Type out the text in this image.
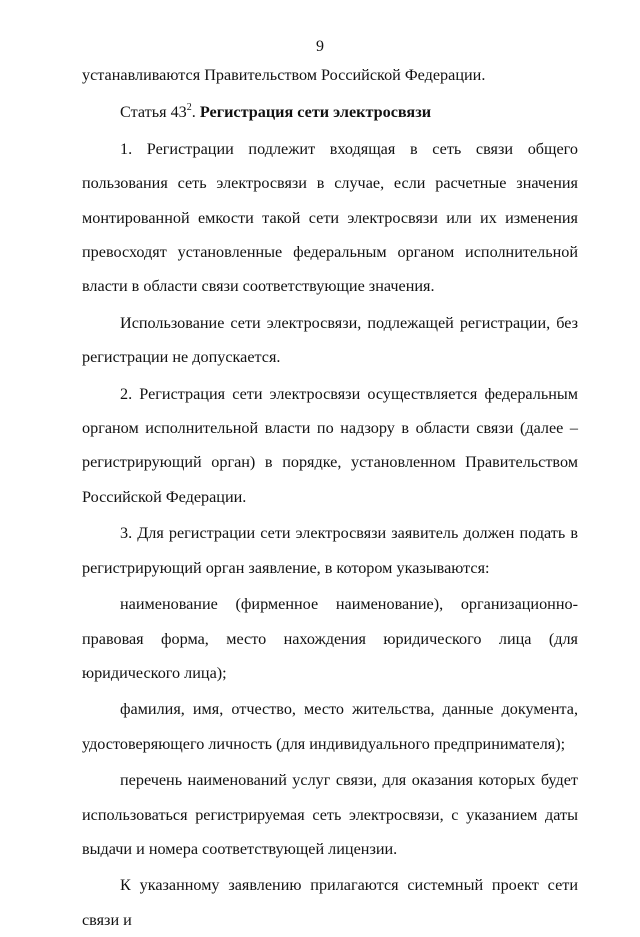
9

устанавливаются Правительством Российской Федерации.

Статья $43^2$. Регистрация сети электросвязи

1. Регистрации подлежит входящая в сеть связи общего пользования сеть электросвязи в случае, если расчетные значения монтированной емкости такой сети электросвязи или их изменения превосходят установленные федеральным органом исполнительной власти в области связи соответствующие значения.

Использование сети электросвязи, подлежащей регистрации, без регистрации не допускается.

2. Регистрация сети электросвязи осуществляется федеральным органом исполнительной власти по надзору в области связи (далее – регистрирующий орган) в порядке, установленном Правительством Российской Федерации.

3. Для регистрации сети электросвязи заявитель должен подать в регистрирующий орган заявление, в котором указываются:

наименование (фирменное наименование), организационно-правовая форма, место нахождения юридического лица (для юридического лица);

фамилия, имя, отчество, место жительства, данные документа, удостоверяющего личность (для индивидуального предпринимателя);

перечень наименований услуг связи, для оказания которых будет использоваться регистрируемая сеть электросвязи, с указанием даты выдачи и номера соответствующей лицензии.

К указанному заявлению прилагаются системный проект сети связи и
